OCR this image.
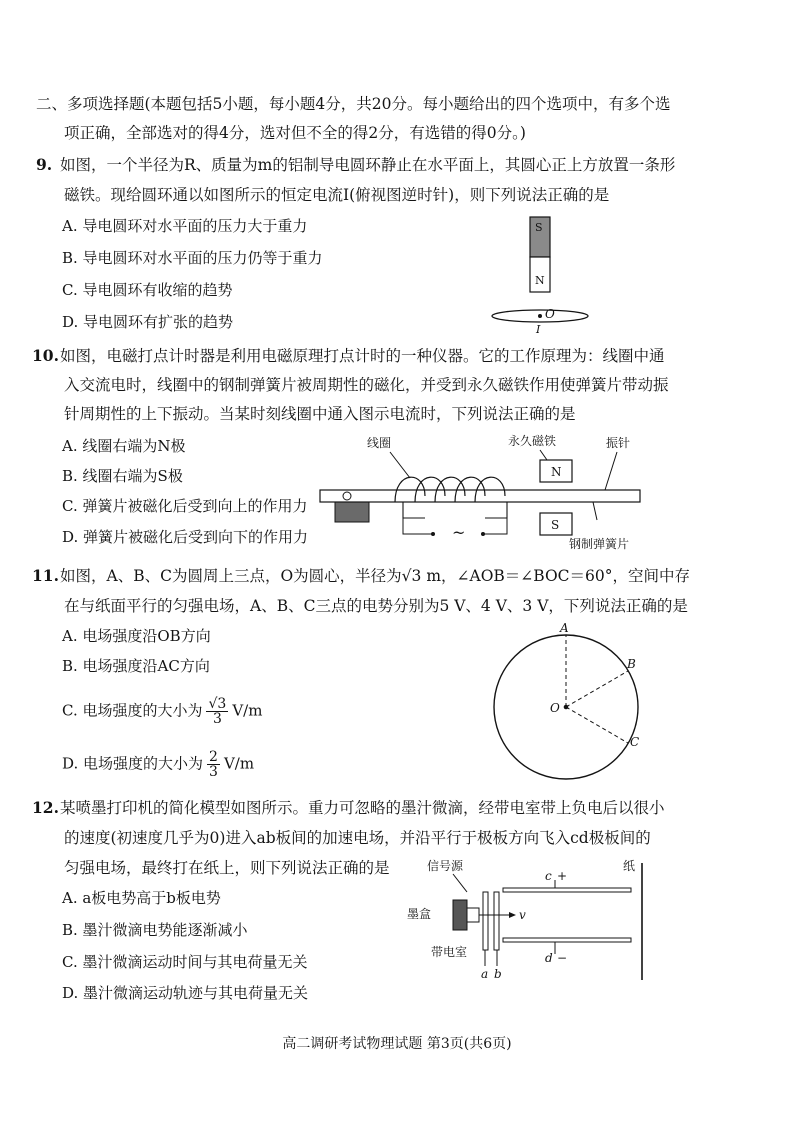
二、多项选择题(本题包括5小题，每小题4分，共20分。每小题给出的四个选项中，有多个选
项正确，全部选对的得4分，选对但不全的得2分，有选错的得0分。)
9. 如图，一个半径为R、质量为m的铝制导电圆环静止在水平面上，其圆心正上方放置一条形
磁铁。现给圆环通以如图所示的恒定电流I(俯视图逆时针)，则下列说法正确的是
A. 导电圆环对水平面的压力大于重力
B. 导电圆环对水平面的压力仍等于重力
C. 导电圆环有收缩的趋势
D. 导电圆环有扩张的趋势
S
N
O
I
10. 如图，电磁打点计时器是利用电磁原理打点计时的一种仪器。它的工作原理为：线圈中通
入交流电时，线圈中的钢制弹簧片被周期性的磁化，并受到永久磁铁作用使弹簧片带动振
针周期性的上下振动。当某时刻线圈中通入图示电流时，下列说法正确的是
A. 线圈右端为N极
B. 线圈右端为S极
C. 弹簧片被磁化后受到向上的作用力
D. 弹簧片被磁化后受到向下的作用力
线圈	永久磁铁	振针
N
S
~
钢制弹簧片
11. 如图，A、B、C为圆周上三点，O为圆心，半径为√3 m，∠AOB＝∠BOC＝60°，空间中存
在与纸面平行的匀强电场，A、B、C三点的电势分别为5 V、4 V、3 V，下列说法正确的是
A. 电场强度沿OB方向
B. 电场强度沿AC方向
C. 电场强度的大小为 $\frac{√3}{3} V/m$
D. 电场强度的大小为 $\frac{2}{3} V/m$
A
B
C
O
12. 某喷墨打印机的简化模型如图所示。重力可忽略的墨汁微滴，经带电室带上负电后以很小
的速度(初速度几乎为0)进入ab板间的加速电场，并沿平行于极板方向飞入cd极板间的
匀强电场，最终打在纸上，则下列说法正确的是
A. a板电势高于b板电势
B. 墨汁微滴电势能逐渐减小
C. 墨汁微滴运动时间与其电荷量无关
D. 墨汁微滴运动轨迹与其电荷量无关
信号源	纸
墨盒	v
c +
d −
带电室
a b
高二调研考试物理试题 第3页(共6页)
